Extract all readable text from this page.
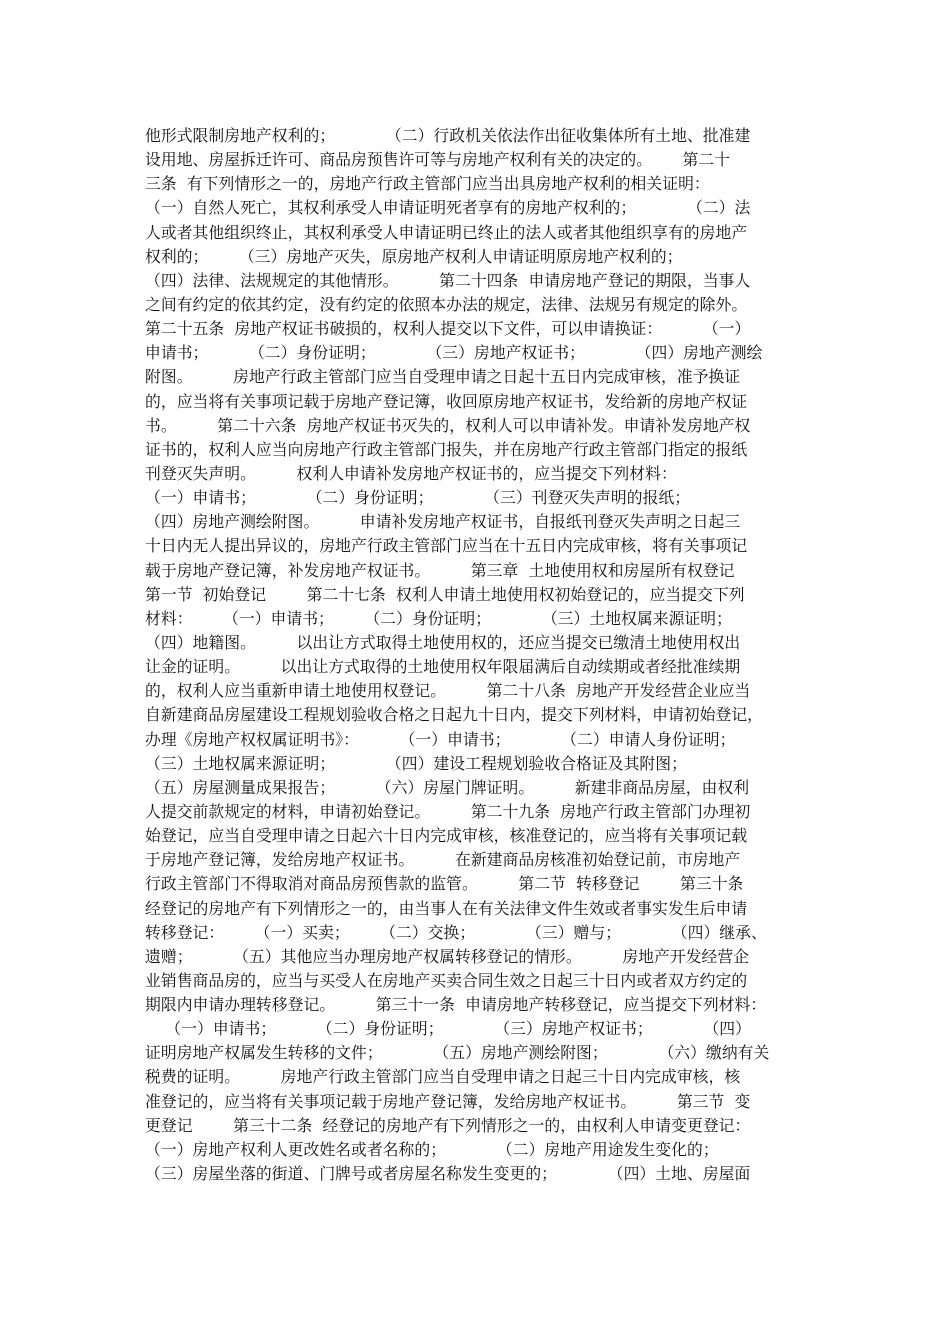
他形式限制房地产权利的；          （二）行政机关依法作出征收集体所有土地、批准建
设用地、房屋拆迁许可、商品房预售许可等与房地产权利有关的决定的。      第二十
三条  有下列情形之一的，房地产行政主管部门应当出具房地产权利的相关证明：
（一）自然人死亡，其权利承受人申请证明死者享有的房地产权利的；          （二）法
人或者其他组织终止，其权利承受人申请证明已终止的法人或者其他组织享有的房地产
权利的；      （三）房地产灭失，原房地产权利人申请证明原房地产权利的；
（四）法律、法规规定的其他情形。        第二十四条  申请房地产登记的期限，当事人
之间有约定的依其约定，没有约定的依照本办法的规定，法律、法规另有规定的除外。
第二十五条  房地产权证书破损的，权利人提交以下文件，可以申请换证：        （一）
申请书；        （二）身份证明；          （三）房地产权证书；          （四）房地产测绘
附图。        房地产行政主管部门应当自受理申请之日起十五日内完成审核，准予换证
的，应当将有关事项记载于房地产登记簿，收回原房地产权证书，发给新的房地产权证
书。        第二十六条  房地产权证书灭失的，权利人可以申请补发。申请补发房地产权
证书的，权利人应当向房地产行政主管部门报失，并在房地产行政主管部门指定的报纸
刊登灭失声明。        权利人申请补发房地产权证书的，应当提交下列材料：
（一）申请书；          （二）身份证明；          （三）刊登灭失声明的报纸；
（四）房地产测绘附图。        申请补发房地产权证书，自报纸刊登灭失声明之日起三
十日内无人提出异议的，房地产行政主管部门应当在十五日内完成审核，将有关事项记
载于房地产登记簿，补发房地产权证书。        第三章  土地使用权和房屋所有权登记
第一节  初始登记        第二十七条  权利人申请土地使用权初始登记的，应当提交下列
材料：      （一）申请书；      （二）身份证明；          （三）土地权属来源证明；
（四）地籍图。        以出让方式取得土地使用权的，还应当提交已缴清土地使用权出
让金的证明。        以出让方式取得的土地使用权年限届满后自动续期或者经批准续期
的，权利人应当重新申请土地使用权登记。        第二十八条  房地产开发经营企业应当
自新建商品房屋建设工程规划验收合格之日起九十日内，提交下列材料，申请初始登记，
办理《房地产权权属证明书》：        （一）申请书；          （二）申请人身份证明；
（三）土地权属来源证明；          （四）建设工程规划验收合格证及其附图；
（五）房屋测量成果报告；        （六）房屋门牌证明。        新建非商品房屋，由权利
人提交前款规定的材料，申请初始登记。        第二十九条  房地产行政主管部门办理初
始登记，应当自受理申请之日起六十日内完成审核，核准登记的，应当将有关事项记载
于房地产登记簿，发给房地产权证书。        在新建商品房核准初始登记前，市房地产
行政主管部门不得取消对商品房预售款的监管。        第二节  转移登记        第三十条
经登记的房地产有下列情形之一的，由当事人在有关法律文件生效或者事实发生后申请
转移登记：      （一）买卖；      （二）交换；          （三）赠与；          （四）继承、
遗赠；        （五）其他应当办理房地产权属转移登记的情形。        房地产开发经营企
业销售商品房的，应当与买受人在房地产买卖合同生效之日起三十日内或者双方约定的
期限内申请办理转移登记。        第三十一条  申请房地产转移登记，应当提交下列材料：
（一）申请书；        （二）身份证明；          （三）房地产权证书；          （四）
证明房地产权属发生转移的文件；          （五）房地产测绘附图；          （六）缴纳有关
税费的证明。        房地产行政主管部门应当自受理申请之日起三十日内完成审核，核
准登记的，应当将有关事项记载于房地产登记簿，发给房地产权证书。        第三节  变
更登记        第三十二条  经登记的房地产有下列情形之一的，由权利人申请变更登记：
（一）房地产权利人更改姓名或者名称的；          （二）房地产用途发生变化的；
（三）房屋坐落的街道、门牌号或者房屋名称发生变更的；          （四）土地、房屋面
